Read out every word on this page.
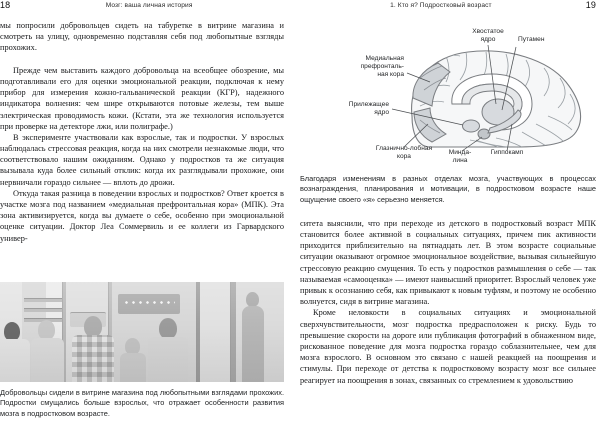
18	Мозг: ваша личная история

мы попросили добровольцев сидеть на табуретке в витрине магазина и смотреть на улицу, одновременно подставляя себя под любопытные взгляды прохожих.

Прежде чем выставить каждого добровольца на всеобщее обозрение, мы подготавливали его для оценки эмоциональной реакции, подключая к нему прибор для измерения кожно-гальванической реакции (КГР), надежного индикатора волнения: чем шире открываются потовые железы, тем выше электрическая проводимость кожи. (Кстати, эта же технология используется при проверке на детекторе лжи, или полиграфе.)

В эксперименте участвовали как взрослые, так и подростки. У взрослых наблюдалась стрессовая реакция, когда на них смотрели незнакомые люди, что соответствовало нашим ожиданиям. Однако у подростков та же ситуация вызывала куда более сильный отклик: когда их разглядывали прохожие, они нервничали гораздо сильнее — вплоть до дрожи.

Откуда такая разница в поведении взрослых и подростков? Ответ кроется в участке мозга под названием «медиальная префронтальная кора» (МПК). Эта зона активизируется, когда вы думаете о себе, особенно при эмоциональной оценке ситуации. Доктор Леа Соммервиль и ее коллеги из Гарвардского универ-

Добровольцы сидели в витрине магазина под любопытными взглядами прохожих. Подростки смущались больше взрослых, что отражает особенности развития мозга в подростковом возрасте.
1. Кто я? Подростковый возраст	19
Хвостатое
ядро	Путамен
Медиальная
префронталь-
ная кора
Прилежащее
ядро
Глазнично-лобная
кора
Минда-
лина
Гиппокамп
Благодаря изменениям в разных отделах мозга, участвующих в процессах вознаграждения, планирования и мотивации, в подростковом возрасте наше ощущение своего «я» серьезно меняется.

ситета выяснили, что при переходе из детского в подростковый возраст МПК становится более активной в социальных ситуациях, причем пик активности приходится приблизительно на пятнадцать лет. В этом возрасте социальные ситуации оказывают огромное эмоциональное воздействие, вызывая сильнейшую стрессовую реакцию смущения. То есть у подростков размышления о себе — так называемая «самооценка» — имеют наивысший приоритет. Взрослый человек уже привык к осознанию себя, как привыкают к новым туфлям, и поэтому не особенно волнуется, сидя в витрине магазина.

Кроме неловкости в социальных ситуациях и эмоциональной сверхчувствительности, мозг подростка предрасположен к риску. Будь то превышение скорости на дороге или публикация фотографий в обнаженном виде, рискованное поведение для мозга подростка гораздо соблазнительнее, чем для мозга взрослого. В основном это связано с нашей реакцией на поощрения и стимулы. При переходе от детства к подростковому возрасту мозг все сильнее реагирует на поощрения в зонах, связанных со стремлением к удовольствию
